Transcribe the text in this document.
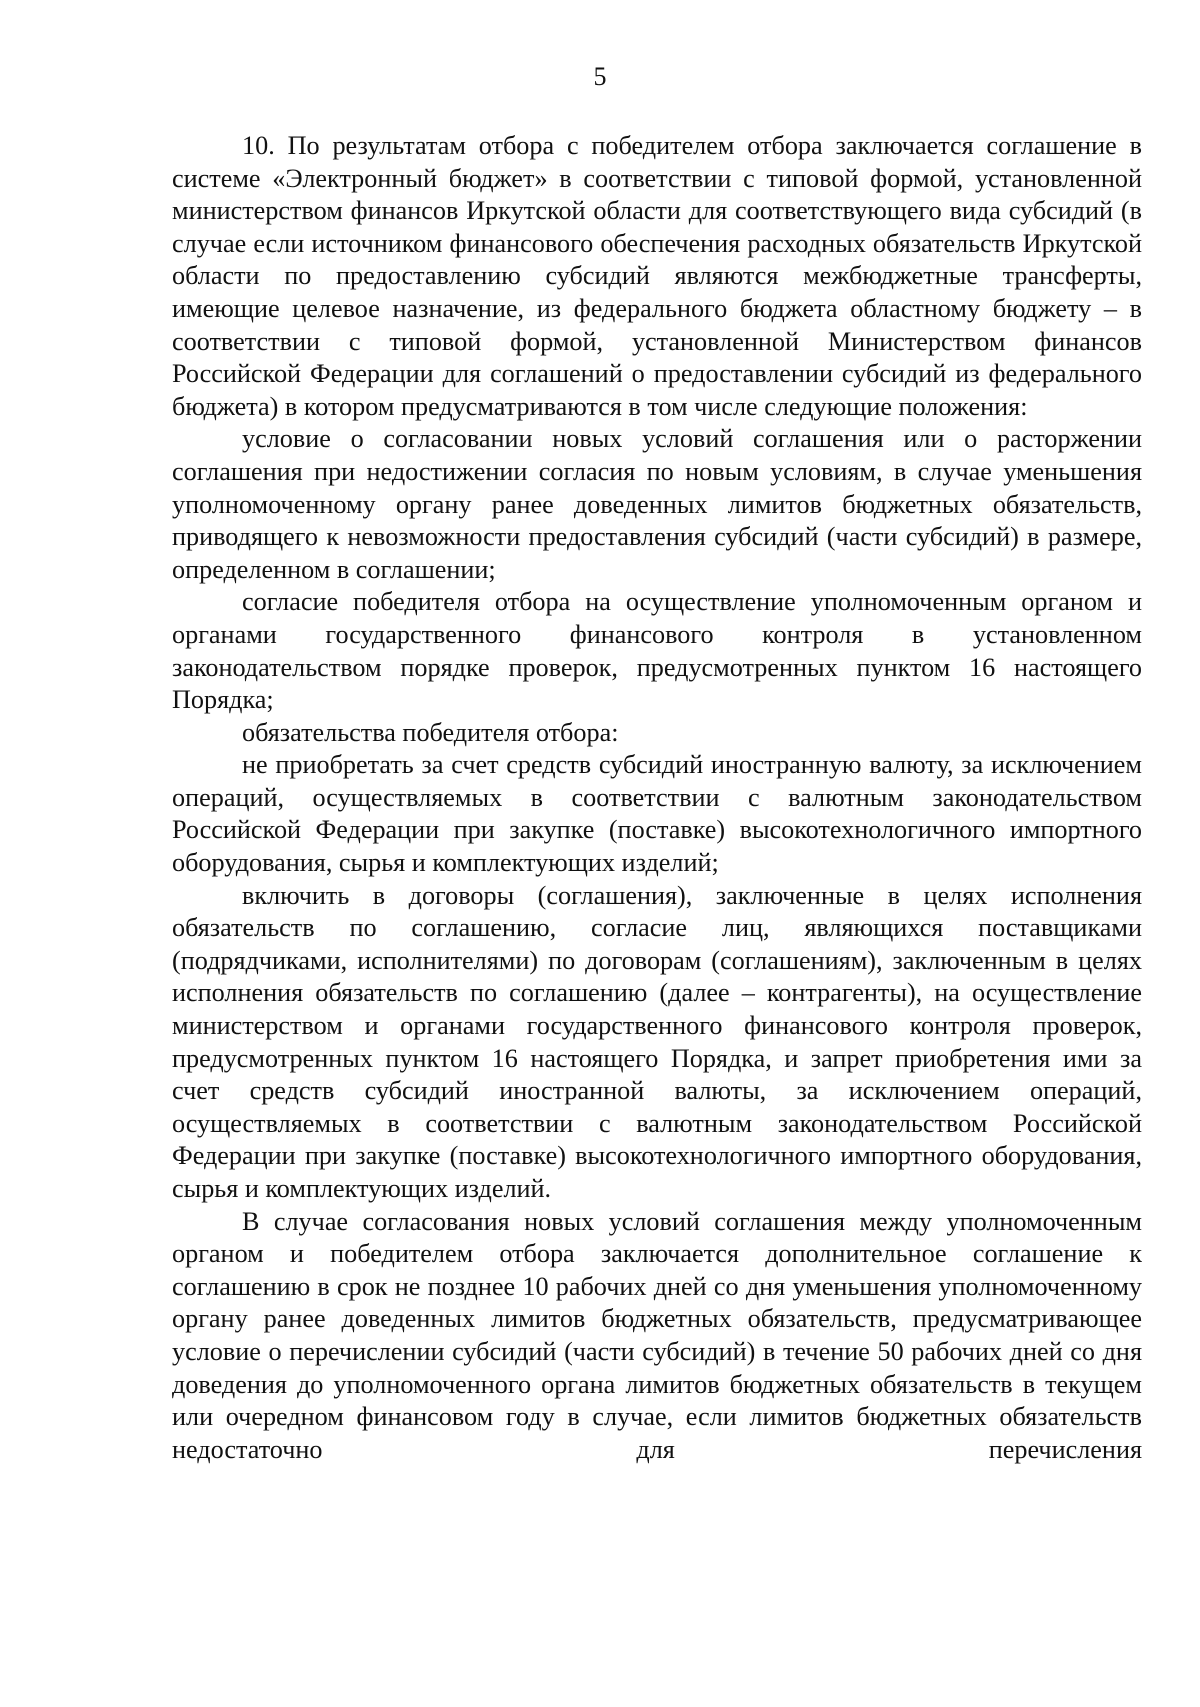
5

10. По результатам отбора с победителем отбора заключается соглашение в системе «Электронный бюджет» в соответствии с типовой формой, установленной министерством финансов Иркутской области для соответствующего вида субсидий (в случае если источником финансового обеспечения расходных обязательств Иркутской области по предоставлению субсидий являются межбюджетные трансферты, имеющие целевое назначение, из федерального бюджета областному бюджету – в соответствии с типовой формой, установленной Министерством финансов Российской Федерации для соглашений о предоставлении субсидий из федерального бюджета) в котором предусматриваются в том числе следующие положения:

условие о согласовании новых условий соглашения или о расторжении соглашения при недостижении согласия по новым условиям, в случае уменьшения уполномоченному органу ранее доведенных лимитов бюджетных обязательств, приводящего к невозможности предоставления субсидий (части субсидий) в размере, определенном в соглашении;

согласие победителя отбора на осуществление уполномоченным органом и органами государственного финансового контроля в установленном законодательством порядке проверок, предусмотренных пунктом 16 настоящего Порядка;

обязательства победителя отбора:

не приобретать за счет средств субсидий иностранную валюту, за исключением операций, осуществляемых в соответствии с валютным законодательством Российской Федерации при закупке (поставке) высокотехнологичного импортного оборудования, сырья и комплектующих изделий;

включить в договоры (соглашения), заключенные в целях исполнения обязательств по соглашению, согласие лиц, являющихся поставщиками (подрядчиками, исполнителями) по договорам (соглашениям), заключенным в целях исполнения обязательств по соглашению (далее – контрагенты), на осуществление министерством и органами государственного финансового контроля проверок, предусмотренных пунктом 16 настоящего Порядка, и запрет приобретения ими за счет средств субсидий иностранной валюты, за исключением операций, осуществляемых в соответствии с валютным законодательством Российской Федерации при закупке (поставке) высокотехнологичного импортного оборудования, сырья и комплектующих изделий.

В случае согласования новых условий соглашения между уполномоченным органом и победителем отбора заключается дополнительное соглашение к соглашению в срок не позднее 10 рабочих дней со дня уменьшения уполномоченному органу ранее доведенных лимитов бюджетных обязательств, предусматривающее условие о перечислении субсидий (части субсидий) в течение 50 рабочих дней со дня доведения до уполномоченного органа лимитов бюджетных обязательств в текущем или очередном финансовом году в случае, если лимитов бюджетных обязательств недостаточно для перечисления
